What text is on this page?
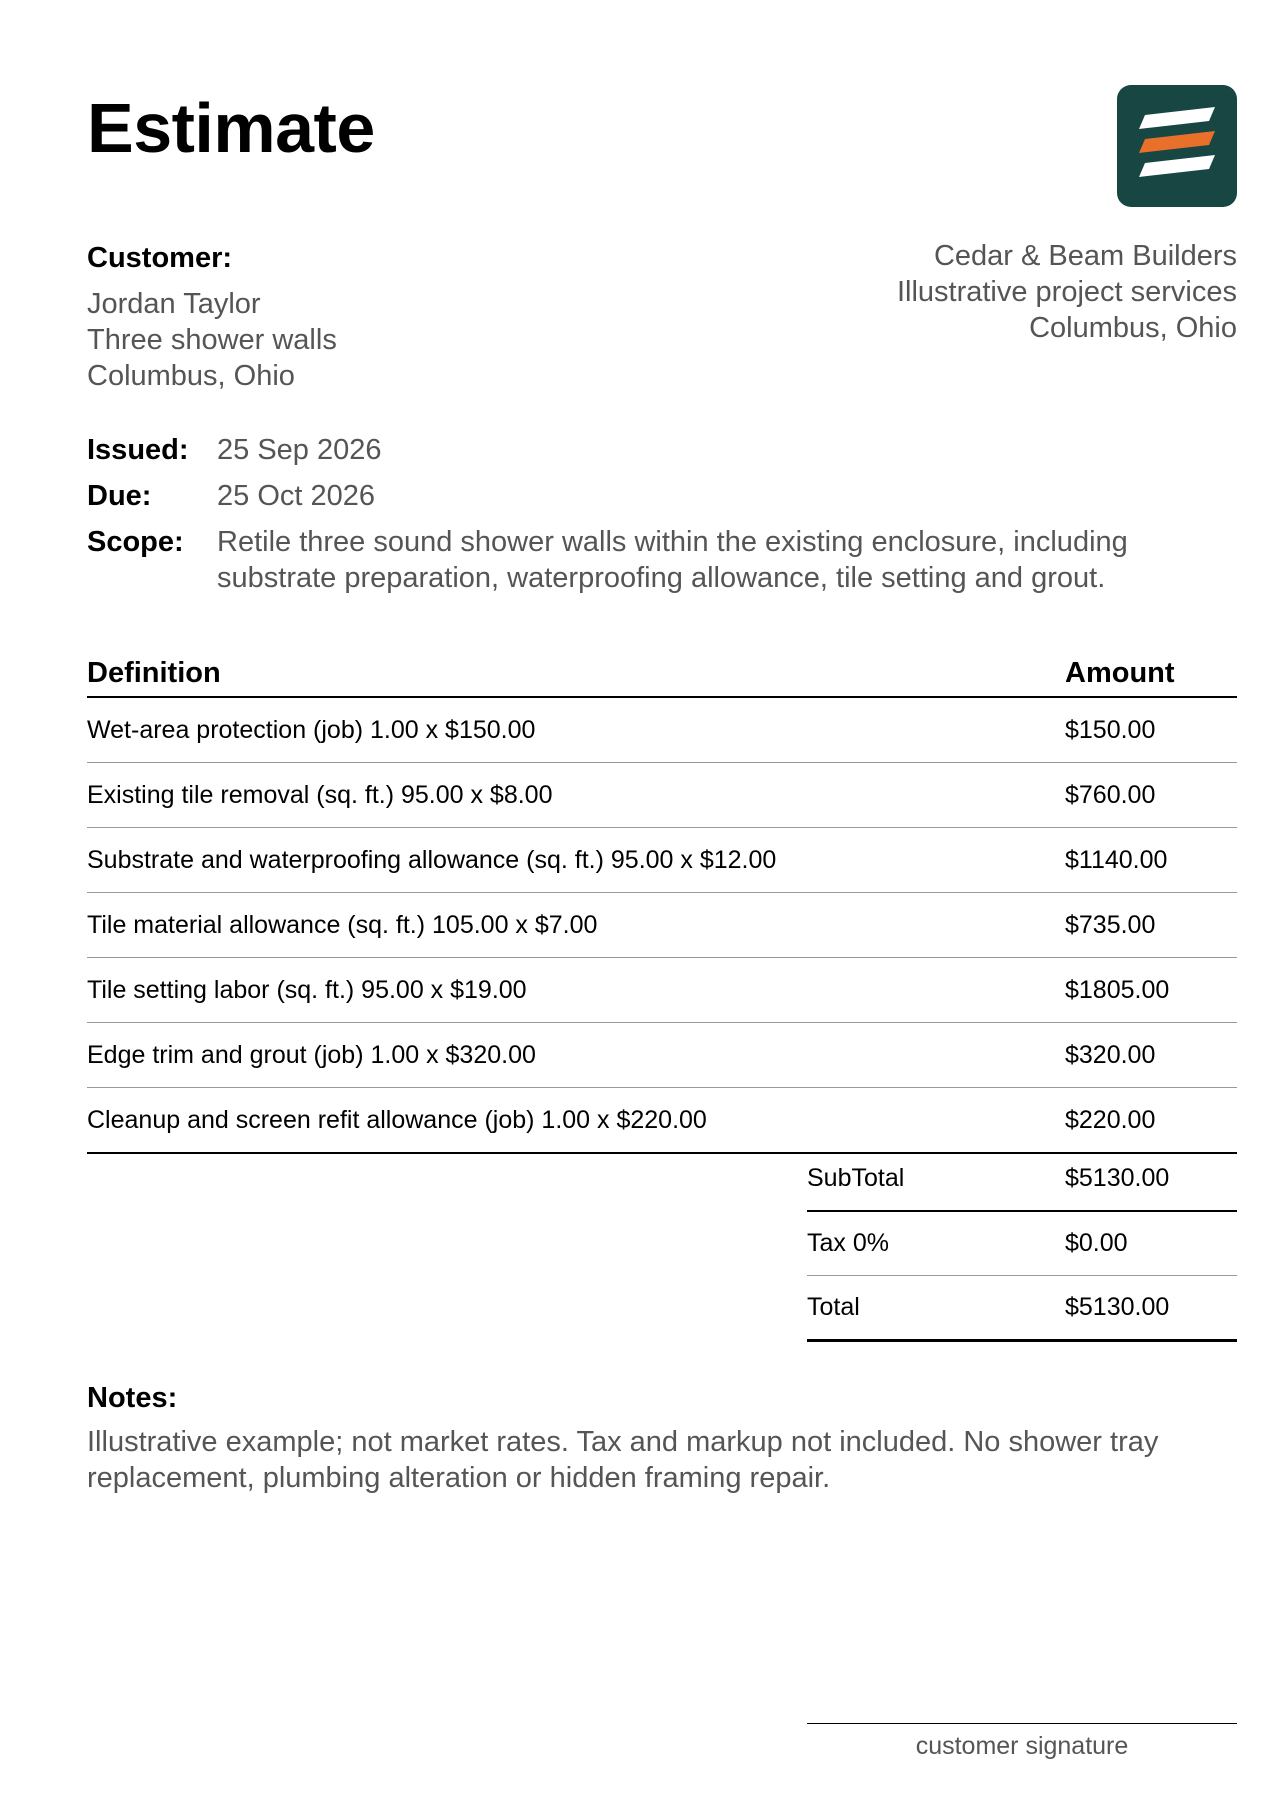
Estimate
Customer:
Jordan Taylor
Three shower walls
Columbus, Ohio
Cedar & Beam Builders
Illustrative project services
Columbus, Ohio
Issued: 25 Sep 2026
Due:	25 Oct 2026
Scope:	Retile three sound shower walls within the existing enclosure, including substrate preparation, waterproofing allowance, tile setting and grout.
Definition	Amount
Wet-area protection (job) 1.00 x $150.00	$150.00
Existing tile removal (sq. ft.) 95.00 x $8.00	$760.00
Substrate and waterproofing allowance (sq. ft.) 95.00 x $12.00	$1140.00
Tile material allowance (sq. ft.) 105.00 x $7.00	$735.00
Tile setting labor (sq. ft.) 95.00 x $19.00	$1805.00
Edge trim and grout (job) 1.00 x $320.00	$320.00
Cleanup and screen refit allowance (job) 1.00 x $220.00	$220.00
SubTotal	$5130.00
Tax 0%	$0.00
Total	$5130.00
Notes:
Illustrative example; not market rates. Tax and markup not included. No shower tray replacement, plumbing alteration or hidden framing repair.
customer signature
